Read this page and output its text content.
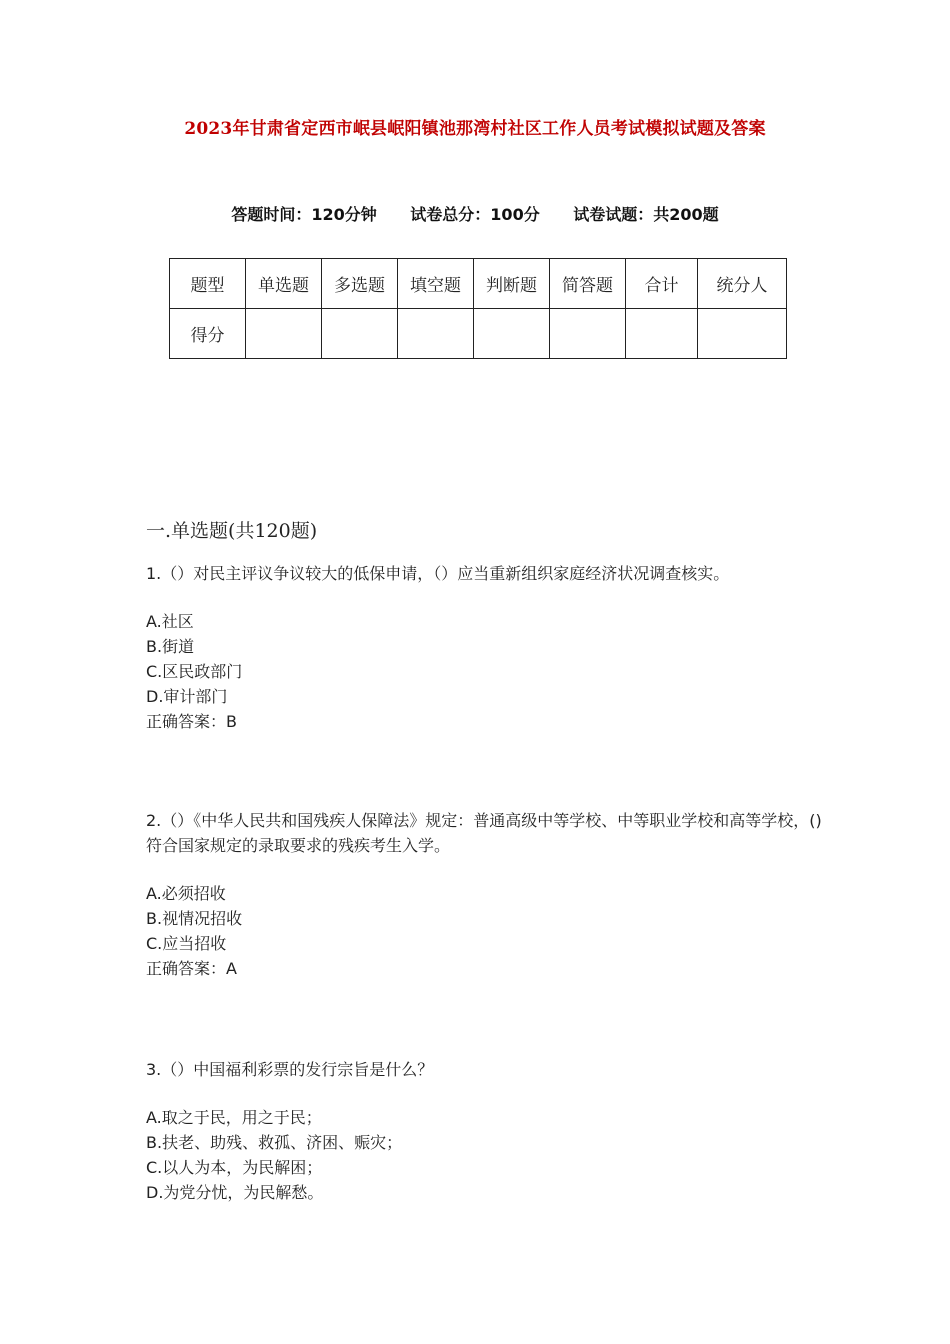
2023年甘肃省定西市岷县岷阳镇池那湾村社区工作人员考试模拟试题及答案
答题时间：120分钟 试卷总分：100分 试卷试题：共200题
题型	单选题	多选题	填空题	判断题	简答题	合计	统分人
得分							
一.单选题(共120题)
1.（）对民主评议争议较大的低保申请，（）应当重新组织家庭经济状况调查核实。
A.社区
B.街道
C.区民政部门
D.审计部门
正确答案：B
2.（）《中华人民共和国残疾人保障法》规定：普通高级中等学校、中等职业学校和高等学校，()符合国家规定的录取要求的残疾考生入学。
A.必须招收
B.视情况招收
C.应当招收
正确答案：A
3.（）中国福利彩票的发行宗旨是什么？
A.取之于民，用之于民；
B.扶老、助残、救孤、济困、赈灾；
C.以人为本，为民解困；
D.为党分忧，为民解愁。
